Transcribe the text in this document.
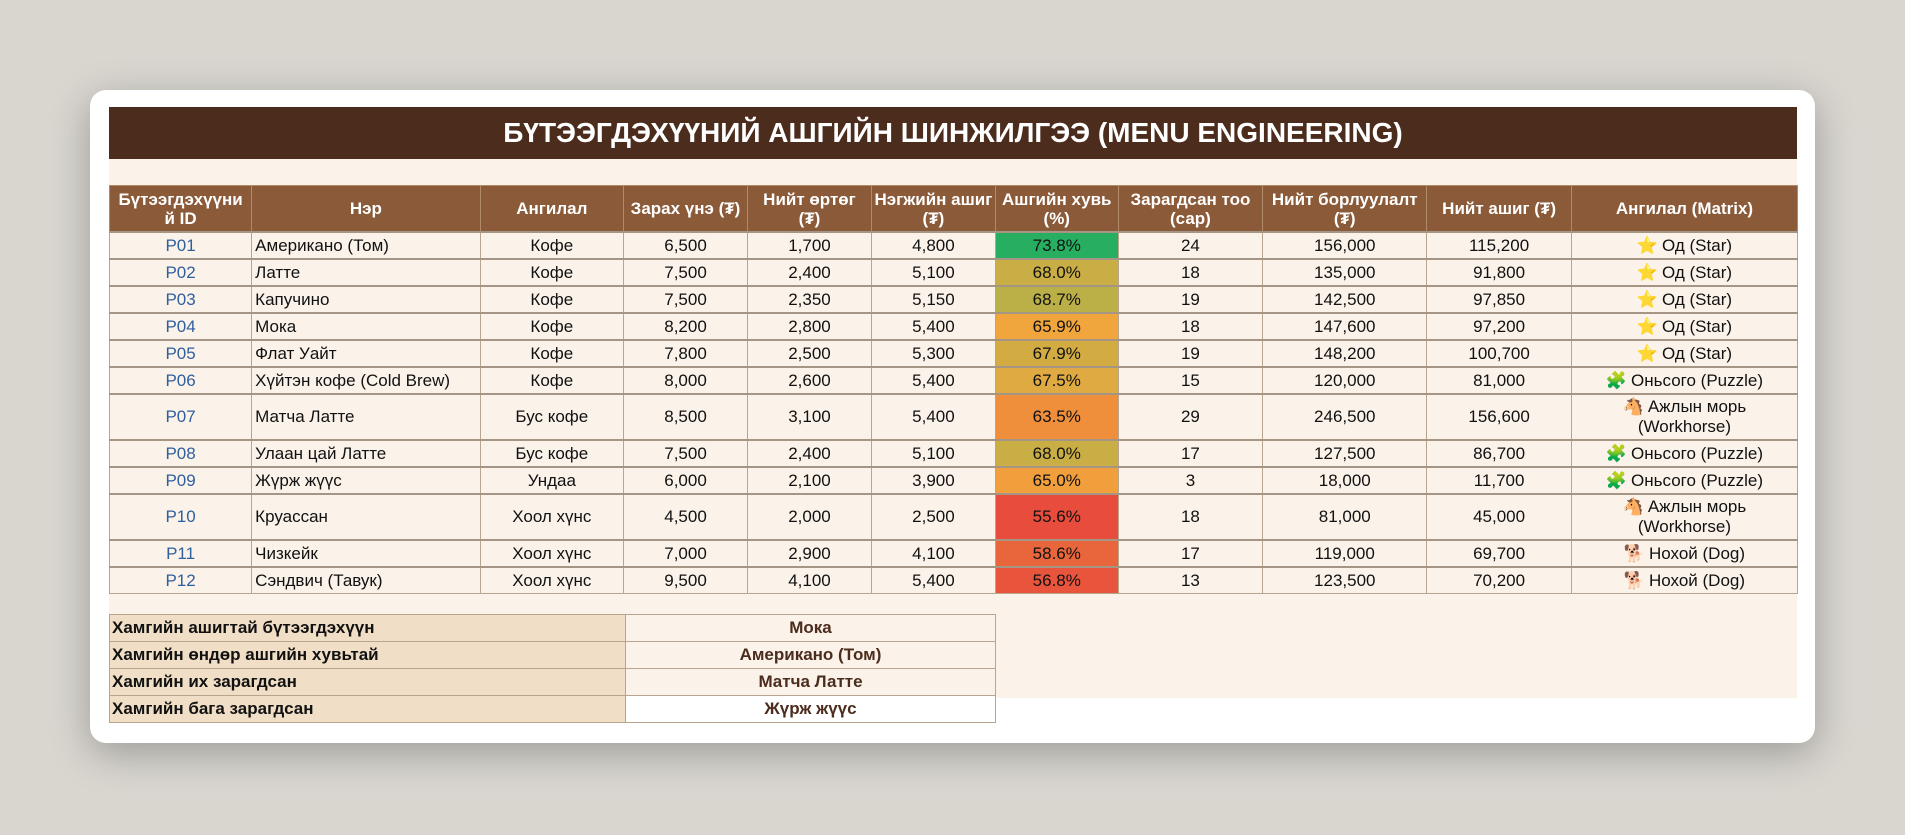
БҮТЭЭГДЭХҮҮНИЙ АШГИЙН ШИНЖИЛГЭЭ (MENU ENGINEERING)
Бүтээгдэхүүни й ID	Нэр	Ангилал	Зарах үнэ (₮)	Нийт өртөг (₮)	Нэгжийн ашиг (₮)	Ашгийн хувь (%)	Зарагдсан тоо (сар)	Нийт борлуулалт (₮)	Нийт ашиг (₮)	Ангилал (Matrix)
P01	Американо (Том)	Кофе	6,500	1,700	4,800	73.8%	24	156,000	115,200	⭐ Од (Star)
P02	Латте	Кофе	7,500	2,400	5,100	68.0%	18	135,000	91,800	⭐ Од (Star)
P03	Капучино	Кофе	7,500	2,350	5,150	68.7%	19	142,500	97,850	⭐ Од (Star)
P04	Мока	Кофе	8,200	2,800	5,400	65.9%	18	147,600	97,200	⭐ Од (Star)
P05	Флат Уайт	Кофе	7,800	2,500	5,300	67.9%	19	148,200	100,700	⭐ Од (Star)
P06	Хүйтэн кофе (Cold Brew)	Кофе	8,000	2,600	5,400	67.5%	15	120,000	81,000	🧩 Оньсого (Puzzle)
P07	Матча Латте	Бус кофе	8,500	3,100	5,400	63.5%	29	246,500	156,600	🐴 Ажлын морь (Workhorse)
P08	Улаан цай Латте	Бус кофе	7,500	2,400	5,100	68.0%	17	127,500	86,700	🧩 Оньсого (Puzzle)
P09	Жүрж жүүс	Ундаа	6,000	2,100	3,900	65.0%	3	18,000	11,700	🧩 Оньсого (Puzzle)
P10	Круассан	Хоол хүнс	4,500	2,000	2,500	55.6%	18	81,000	45,000	🐴 Ажлын морь (Workhorse)
P11	Чизкейк	Хоол хүнс	7,000	2,900	4,100	58.6%	17	119,000	69,700	🐕 Нохой (Dog)
P12	Сэндвич (Тавук)	Хоол хүнс	9,500	4,100	5,400	56.8%	13	123,500	70,200	🐕 Нохой (Dog)
Хамгийн ашигтай бүтээгдэхүүн	Мока
Хамгийн өндөр ашгийн хувьтай	Американо (Том)
Хамгийн их зарагдсан	Матча Латте
Хамгийн бага зарагдсан	Жүрж жүүс
